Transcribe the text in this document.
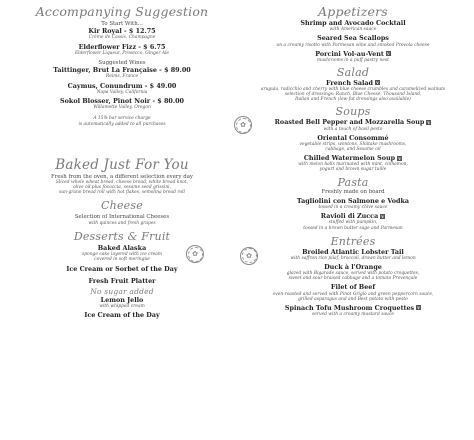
Accompanying Suggestion

To Start With...

Kir Royal - $ 12.75

Crème de Cassis, Champagne

Elderflower Fizz - $ 6.75

Elderflower Liqueur, Prosecco, Ginger Ale

Suggested Wines

Taittinger, Brut La Française - $ 89.00

Reims, France

Caymus, Conundrum - $ 49.00

Napa Valley, California

Sokol Blosser, Pinot Noir - $ 80.00

Willamette Valley, Oregon

A 15% bar service charge

is automatically added to all purchases

Baked Just For You

Fresh from the oven, a different selection every day

Sliced whole wheat bread, cheese bread, white bread knot,

olive oil plus focaccia, sesame seed grissini,

sun-grano bread roll with hot flakes, semolina bread roll

Cheese

Selection of International Cheeses

with quinces and fresh grapes

Desserts & Fruit

✿

Baked Alaska

sponge cake layered with ice cream

covered in soft meringue

Ice Cream or Sorbet of the Day

Fresh Fruit Platter

No sugar added

Lemon Jello

with whipped cream

Ice Cream of the Day

Appetizers

Shrimp and Avocado Cocktail

with American sauce

Seared Sea Scallops

on a creamy risotto with Parmesan wine and smoked Provola cheese

Porcini Vol-au-Vent V

mushrooms in a puff pastry nest

Salad

French Salad V

arugula, radicchio and cherry with blue cheese crumbles and caramelized walnuts

selection of dressings: Ranch, Blue Cheese, Thousand Island,

Italian and French (low-fat dressings also available)

Soups

✿	Roasted Bell Pepper and Mozzarella Soup V

with a touch of basil pesto

Oriental Consommé

vegetable strips, wontons, Shiitake mushrooms,

cabbage, and Sesame oil

Chilled Watermelon Soup V

with melon balls marinated with mint, cinnamon,

yogurt and brown sugar tuille

Pasta

Freshly made on board

Tagliolini con Salmone e Vodka

tossed in a creamy chive sauce

Ravioli di Zucca V

stuffed with pumpkin,

tossed in a brown butter sage and Parmesan

Entrées

✿	Broiled Atlantic Lobster Tail

with saffron rice pilaf, broccoli, drawn butter and lemon

Duck à l'Orange

glazed with Bigarade sauce, served with potato croquettes,

sweet and sour braised cabbage and a tomato Provençale

Filet of Beef

oven-roasted and served with Pinot Grigio and green peppercorn sauce,

grilled asparagus and and Best potato with pesto

Spinach Tofu Mushroom Croquettes V

served with a creamy mustard sauce
